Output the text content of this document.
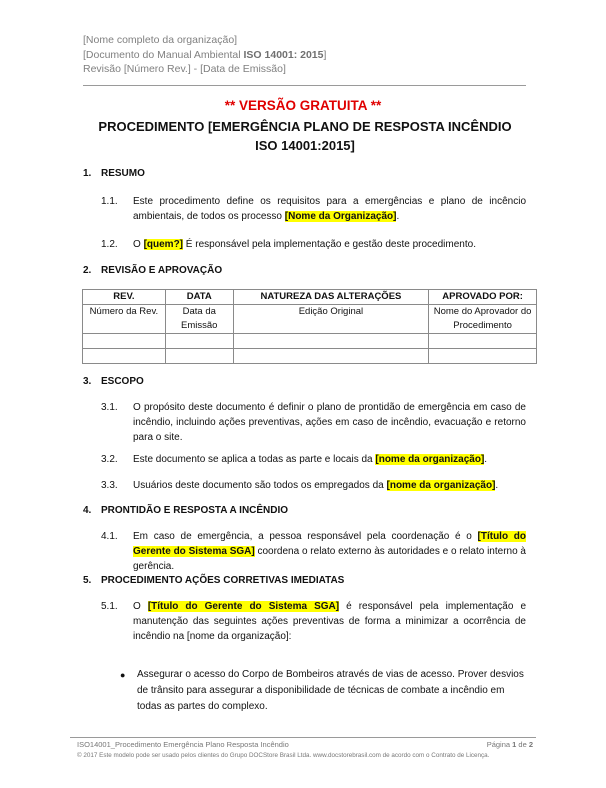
[Nome completo da organização]
[Documento do Manual Ambiental ISO 14001: 2015]
Revisão [Número Rev.] - [Data de Emissão]
** VERSÃO GRATUITA **
PROCEDIMENTO [EMERGÊNCIA PLANO DE RESPOSTA INCÊNDIO ISO 14001:2015]
1. RESUMO
1.1. Este procedimento define os requisitos para a emergências e plano de incêncio ambientais, de todos os processo [Nome da Organização].
1.2. O [quem?] É responsável pela implementação e gestão deste procedimento.
2. REVISÃO E APROVAÇÃO
REV.	DATA	NATUREZA DAS ALTERAÇÕES	APROVADO POR:
Número da Rev.	Data da Emissão	Edição Original	Nome do Aprovador do Procedimento

3. ESCOPO
3.1. O propósito deste documento é definir o plano de prontidão de emergência em caso de incêndio, incluindo ações preventivas, ações em caso de incêndio, evacuação e retorno para o site.
3.2. Este documento se aplica a todas as parte e locais da [nome da organização].
3.3. Usuários deste documento são todos os empregados da [nome da organização].
4. PRONTIDÃO E RESPOSTA A INCÊNDIO
4.1. Em caso de emergência, a pessoa responsável pela coordenação é o [Título do Gerente do Sistema SGA] coordena o relato externo às autoridades e o relato interno à gerência.
5. PROCEDIMENTO AÇÕES CORRETIVAS IMEDIATAS
5.1. O [Título do Gerente do Sistema SGA] é responsável pela implementação e manutenção das seguintes ações preventivas de forma a minimizar a ocorrência de incêndio na [nome da organização]:
● Assegurar o acesso do Corpo de Bombeiros através de vias de acesso. Prover desvios de trânsito para assegurar a disponibilidade de técnicas de combate a incêndio em todas as partes do complexo.
ISO14001_Procedimento Emergência Plano Resposta Incêndio	Página 1 de 2
© 2017 Este modelo pode ser usado pelos clientes do Grupo DOCStore Brasil Ltda. www.docstorebrasil.com de acordo com o Contrato de Licença.
